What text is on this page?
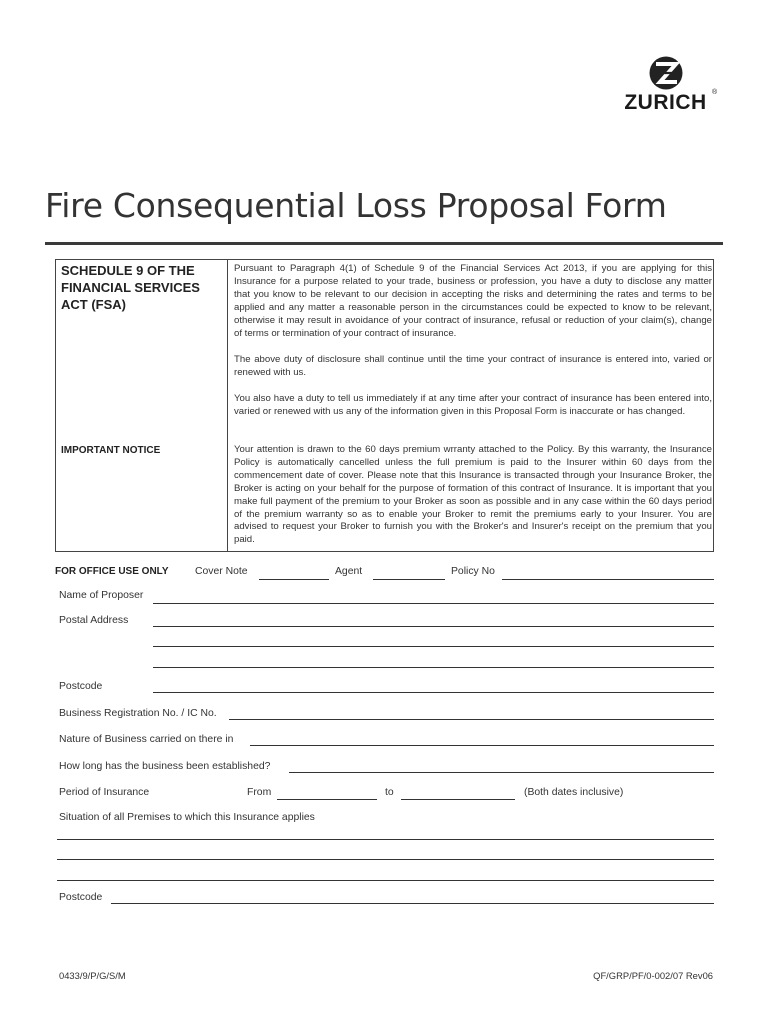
ZURICH ®
Fire Consequential Loss Proposal Form
SCHEDULE 9 OF THE
FINANCIAL SERVICES
ACT (FSA)

Pursuant to Paragraph 4(1) of Schedule 9 of the Financial Services Act 2013, if you are applying for this Insurance for a purpose related to your trade, business or profession, you have a duty to disclose any matter that you know to be relevant to our decision in accepting the risks and determining the rates and terms to be applied and any matter a reasonable person in the circumstances could be expected to know to be relevant, otherwise it may result in avoidance of your contract of insurance, refusal or reduction of your claim(s), change of terms or termination of your contract of insurance.

The above duty of disclosure shall continue until the time your contract of insurance is entered into, varied or renewed with us.

You also have a duty to tell us immediately if at any time after your contract of insurance has been entered into, varied or renewed with us any of the information given in this Proposal Form is inaccurate or has changed.

IMPORTANT NOTICE	Your attention is drawn to the 60 days premium wrranty attached to the Policy. By this warranty, the Insurance Policy is automatically cancelled unless the full premium is paid to the Insurer within 60 days from the commencement date of cover. Please note that this Insurance is transacted through your Insurance Broker, the Broker is acting on your behalf for the purpose of formation of this contract of Insurance. It is important that you make full payment of the premium to your Broker as soon as possible and in any case within the 60 days period of the premium warranty so as to enable your Broker to remit the premiums early to your Insurer. You are advised to request your Broker to furnish you with the Broker's and Insurer's receipt on the premium that you paid.

FOR OFFICE USE ONLY	Cover Note	Agent	Policy No
Name of Proposer
Postal Address
Postcode
Business Registration No. / IC No.
Nature of Business carried on there in
How long has the business been established?
Period of Insurance	From	to	(Both dates inclusive)
Situation of all Premises to which this Insurance applies
Postcode
0433/9/P/G/S/M	QF/GRP/PF/0-002/07 Rev06
